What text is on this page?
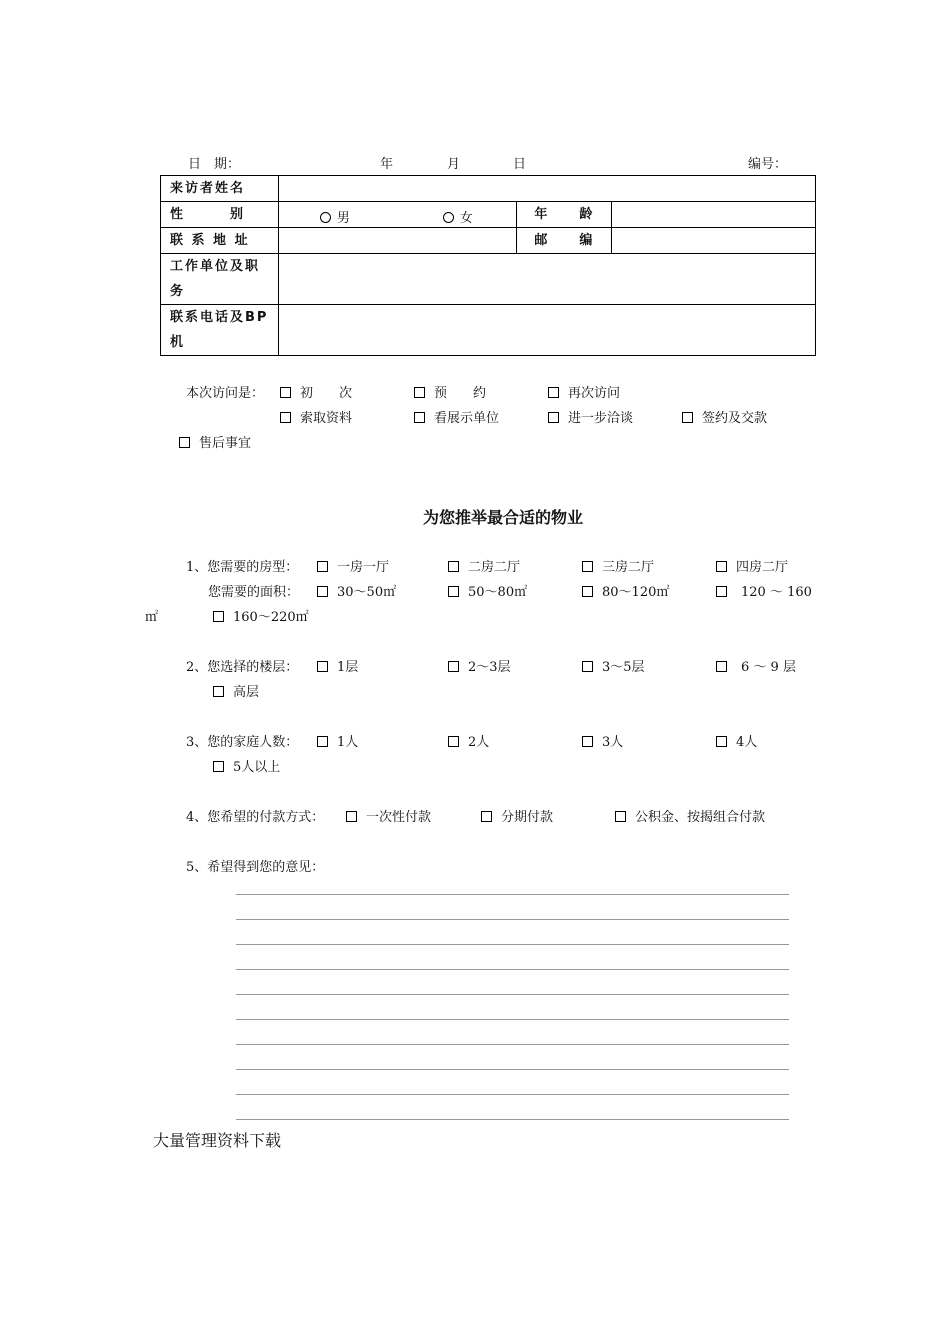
日　期：	年	月	日	编号：
来访者姓名			
性　　　别	男 女	年　　龄	
联 系 地 址		邮　　编	

工作单位及职
务			

联系电话及BP
机			

本次访问是：	初　　次	预　　约	再次访问
索取资料	看展示单位	进一步洽谈	签约及交款
售后事宜
为您推举最合适的物业
1、您需要的房型：	一房一厅	二房二厅	三房二厅	四房二厅
您需要的面积：	30～50㎡	50～80㎡	80～120㎡	120 ～ 160
㎡	160～220㎡
2、您选择的楼层：	1层	2～3层	3～5层	6 ～ 9 层
高层
3、您的家庭人数：	1人	2人	3人	4人
5人以上
4、您希望的付款方式：	一次性付款	分期付款	公积金、按揭组合付款
5、希望得到您的意见：
大量管理资料下载
